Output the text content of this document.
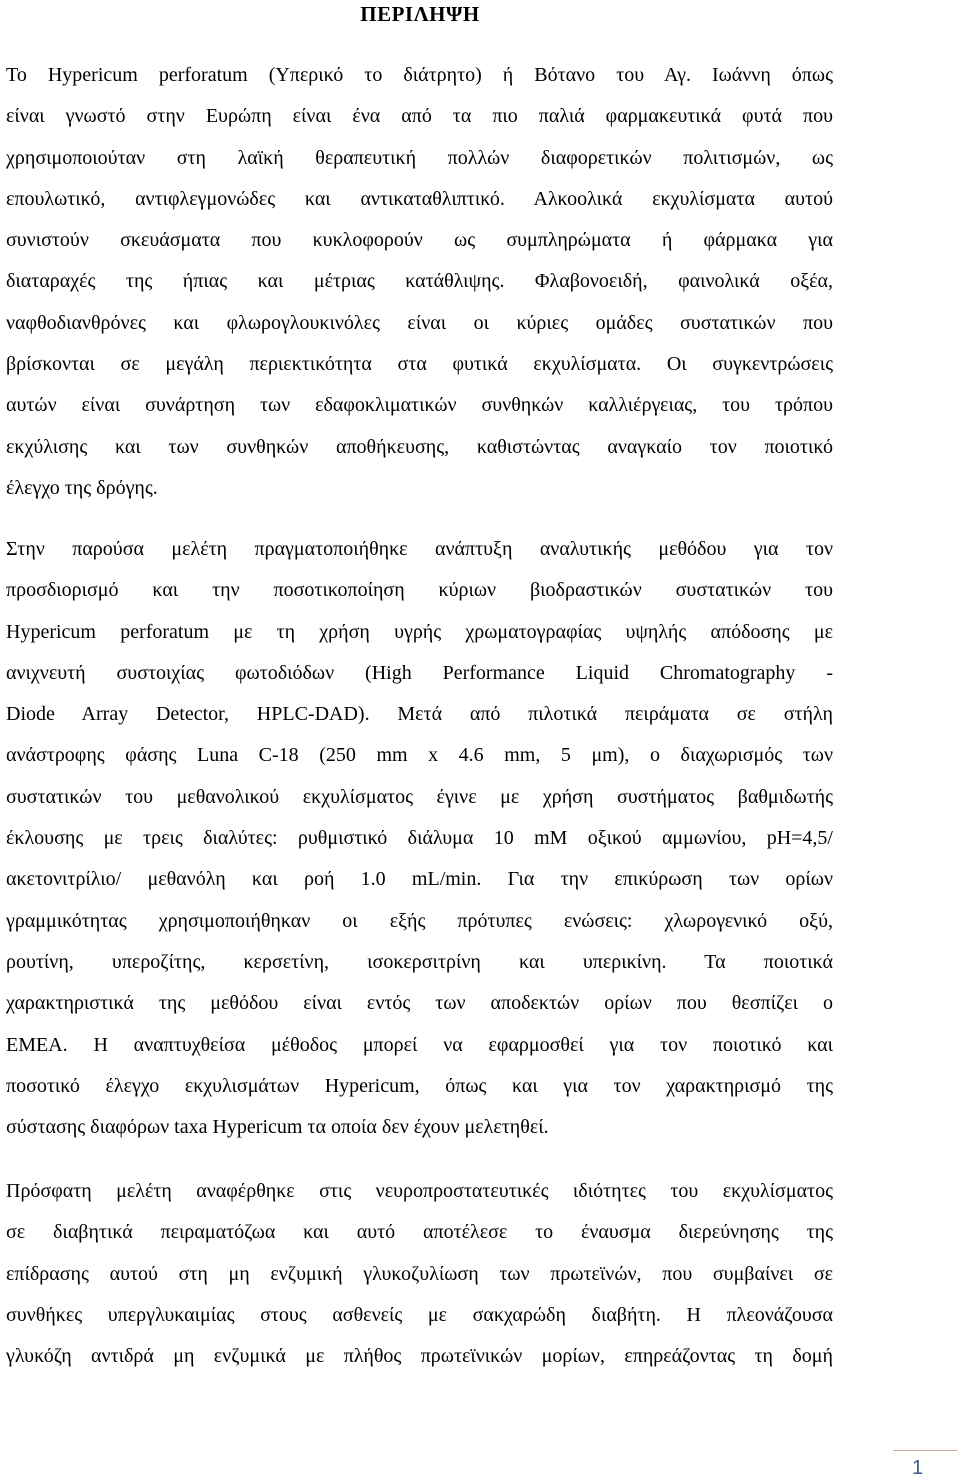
ΠΕΡΙΛΗΨΗ
Το Hypericum perforatum (Υπερικό το διάτρητο) ή Βότανο του Αγ. Ιωάννη όπως
είναι γνωστό στην Ευρώπη είναι ένα από τα πιο παλιά φαρμακευτικά φυτά που
χρησιμοποιούταν στη λαϊκή θεραπευτική πολλών διαφορετικών πολιτισμών, ως
επουλωτικό, αντιφλεγμονώδες και αντικαταθλιπτικό. Αλκοολικά εκχυλίσματα αυτού
συνιστούν σκευάσματα που κυκλοφορούν ως συμπληρώματα ή φάρμακα για
διαταραχές της ήπιας και μέτριας κατάθλιψης. Φλαβονοειδή, φαινολικά οξέα,
ναφθοδιανθρόνες και φλωρογλουκινόλες είναι οι κύριες ομάδες συστατικών που
βρίσκονται σε μεγάλη περιεκτικότητα στα φυτικά εκχυλίσματα. Οι συγκεντρώσεις
αυτών είναι συνάρτηση των εδαφοκλιματικών συνθηκών καλλιέργειας, του τρόπου
εκχύλισης και των συνθηκών αποθήκευσης, καθιστώντας αναγκαίο τον ποιοτικό
έλεγχο της δρόγης.
Στην παρούσα μελέτη πραγματοποιήθηκε ανάπτυξη αναλυτικής μεθόδου για τον
προσδιορισμό και την ποσοτικοποίηση κύριων βιοδραστικών συστατικών του
Hypericum perforatum με τη χρήση υγρής χρωματογραφίας υψηλής απόδοσης με
ανιχνευτή συστοιχίας φωτοδιόδων (High Performance Liquid Chromatography -
Diode Array Detector, HPLC-DAD). Μετά από πιλοτικά πειράματα σε στήλη
ανάστροφης φάσης Luna C-18 (250 mm x 4.6 mm, 5 μm), ο διαχωρισμός των
συστατικών του μεθανολικού εκχυλίσματος έγινε με χρήση συστήματος βαθμιδωτής
έκλουσης με τρεις διαλύτες: ρυθμιστικό διάλυμα 10 mM οξικού αμμωνίου, pH=4,5/
ακετονιτρίλιο/ μεθανόλη και ροή 1.0 mL/min. Για την επικύρωση των ορίων
γραμμικότητας χρησιμοποιήθηκαν οι εξής πρότυπες ενώσεις: χλωρογενικό οξύ,
ρουτίνη, υπεροζίτης, κερσετίνη, ισοκερσιτρίνη και υπερικίνη. Τα ποιοτικά
χαρακτηριστικά της μεθόδου είναι εντός των αποδεκτών ορίων που θεσπίζει ο
ΕΜΕΑ. Η αναπτυχθείσα μέθοδος μπορεί να εφαρμοσθεί για τον ποιοτικό και
ποσοτικό έλεγχο εκχυλισμάτων Hypericum, όπως και για τον χαρακτηρισμό της
σύστασης διαφόρων taxa Hypericum τα οποία δεν έχουν μελετηθεί.
Πρόσφατη μελέτη αναφέρθηκε στις νευροπροστατευτικές ιδιότητες του εκχυλίσματος
σε διαβητικά πειραματόζωα και αυτό αποτέλεσε το έναυσμα διερεύνησης της
επίδρασης αυτού στη μη ενζυμική γλυκοζυλίωση των πρωτεϊνών, που συμβαίνει σε
συνθήκες υπεργλυκαιμίας στους ασθενείς με σακχαρώδη διαβήτη. Η πλεονάζουσα
γλυκόζη αντιδρά μη ενζυμικά με πλήθος πρωτεϊνικών μορίων, επηρεάζοντας τη δομή
1
